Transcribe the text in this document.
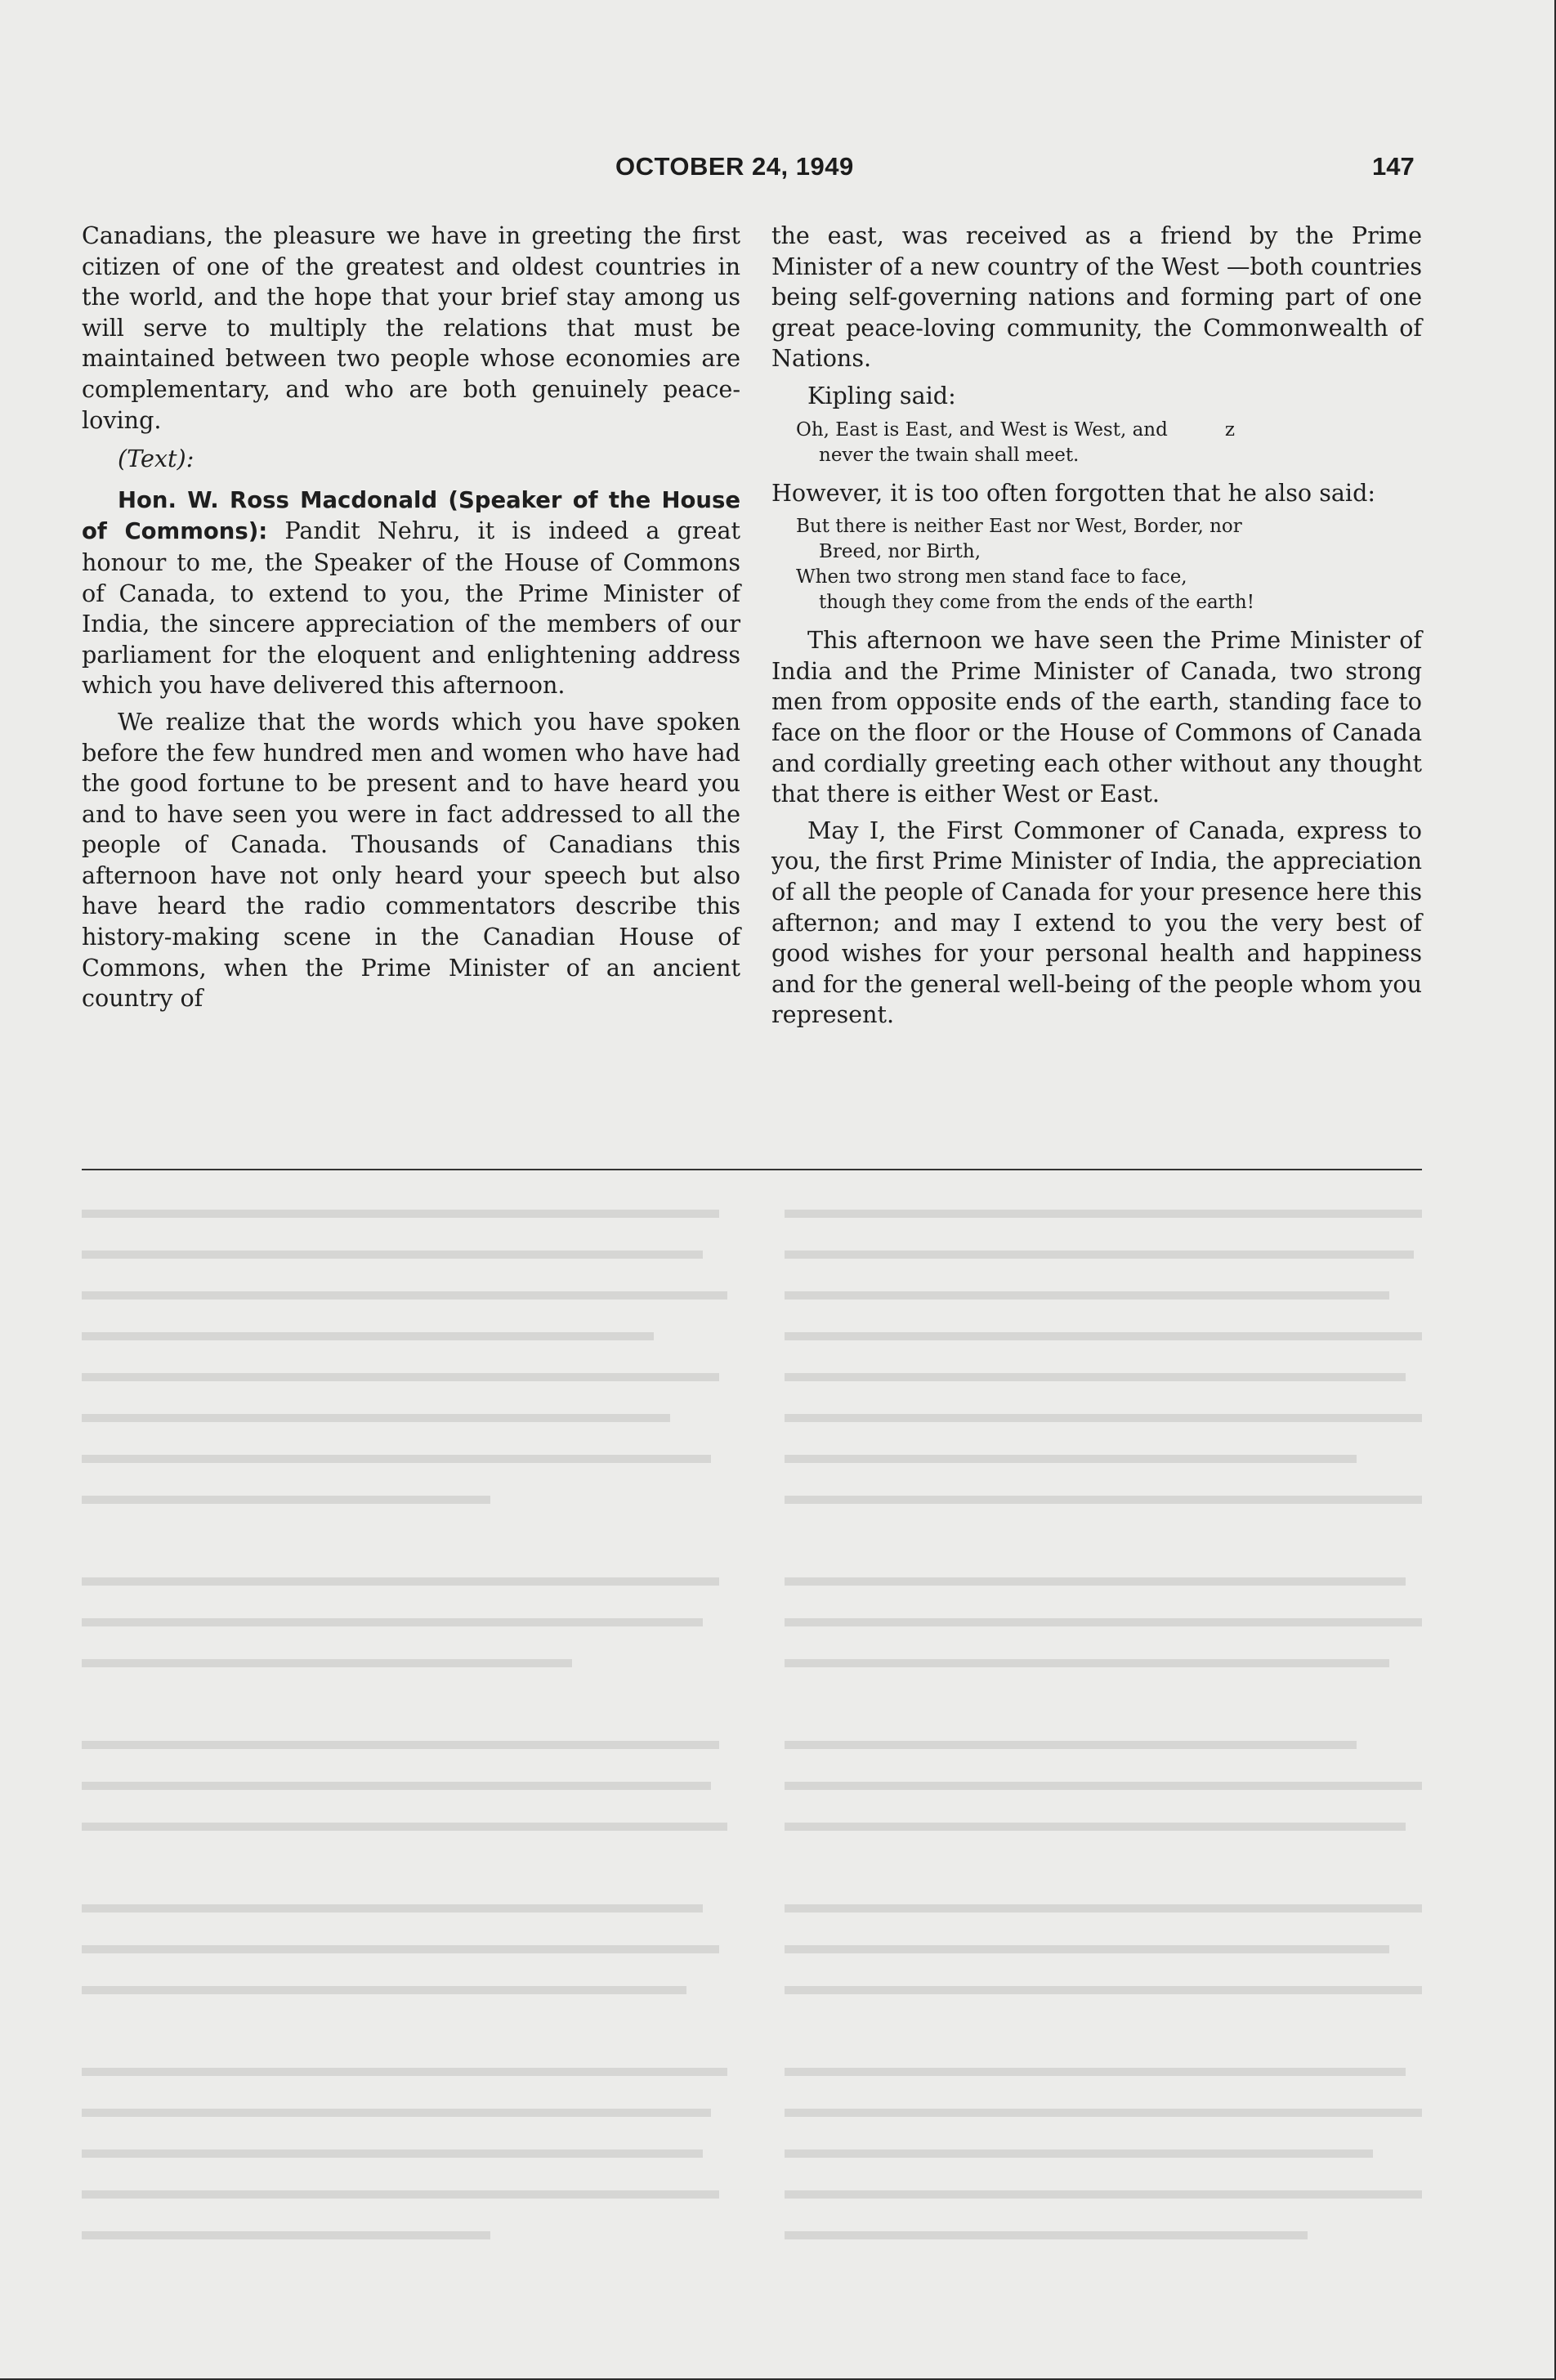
OCTOBER 24, 1949	147

Canadians, the pleasure we have in greeting the first citizen of one of the greatest and oldest countries in the world, and the hope that your brief stay among us will serve to multiply the relations that must be maintained between two people whose economies are complementary, and who are both genuinely peace-loving.

(Text):

Hon. W. Ross Macdonald (Speaker of the House of Commons): Pandit Nehru, it is indeed a great honour to me, the Speaker of the House of Commons of Canada, to extend to you, the Prime Minister of India, the sincere appreciation of the members of our parliament for the eloquent and enlightening address which you have delivered this afternoon.

We realize that the words which you have spoken before the few hundred men and women who have had the good fortune to be present and to have heard you and to have seen you were in fact addressed to all the people of Canada. Thousands of Canadians this afternoon have not only heard your speech but also have heard the radio commentators describe this history-making scene in the Canadian House of Commons, when the Prime Minister of an ancient country of

the east, was received as a friend by the Prime Minister of a new country of the West —both countries being self-governing nations and forming part of one great peace-loving community, the Commonwealth of Nations.

Kipling said:

Oh, East is East, and West is West, and	z
never the twain shall meet.

However, it is too often forgotten that he also said:

But there is neither East nor West, Border, nor
Breed, nor Birth,
When two strong men stand face to face,
though they come from the ends of the earth!

This afternoon we have seen the Prime Minister of India and the Prime Minister of Canada, two strong men from opposite ends of the earth, standing face to face on the floor or the House of Commons of Canada and cordially greeting each other without any thought that there is either West or East.

May I, the First Commoner of Canada, express to you, the first Prime Minister of India, the appreciation of all the people of Canada for your presence here this afternon; and may I extend to you the very best of good wishes for your personal health and happiness and for the general well-being of the people whom you represent.
